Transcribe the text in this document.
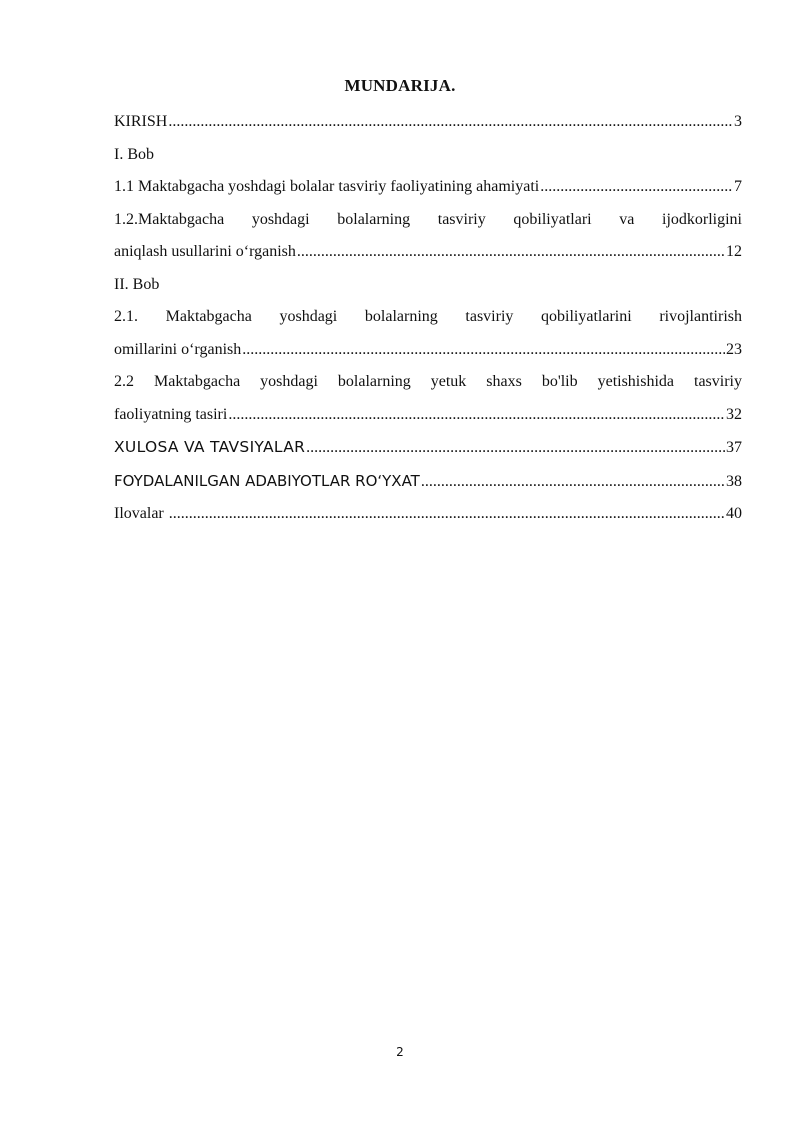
MUNDARIJA.
KIRISH .....	3
I. Bob
1.1 Maktabgacha yoshdagi bolalar tasviriy faoliyatining ahamiyati .....	7
1.2.Maktabgacha yoshdagi bolalarning tasviriy qobiliyatlari va ijodkorligini
aniqlash usullarini o‘rganish .....	12
II. Bob
2.1. Maktabgacha yoshdagi bolalarning tasviriy qobiliyatlarini rivojlantirish
omillarini o‘rganish .....	23
2.2 Maktabgacha yoshdagi bolalarning yetuk shaxs bo'lib yetishishida tasviriy
faoliyatning tasiri .....	32
XULOSA VA TAVSIYALAR .....	37
FOYDALANILGAN ADABIYOTLAR RO‘YXAT .....	38
Ilovalar .....	40
2
